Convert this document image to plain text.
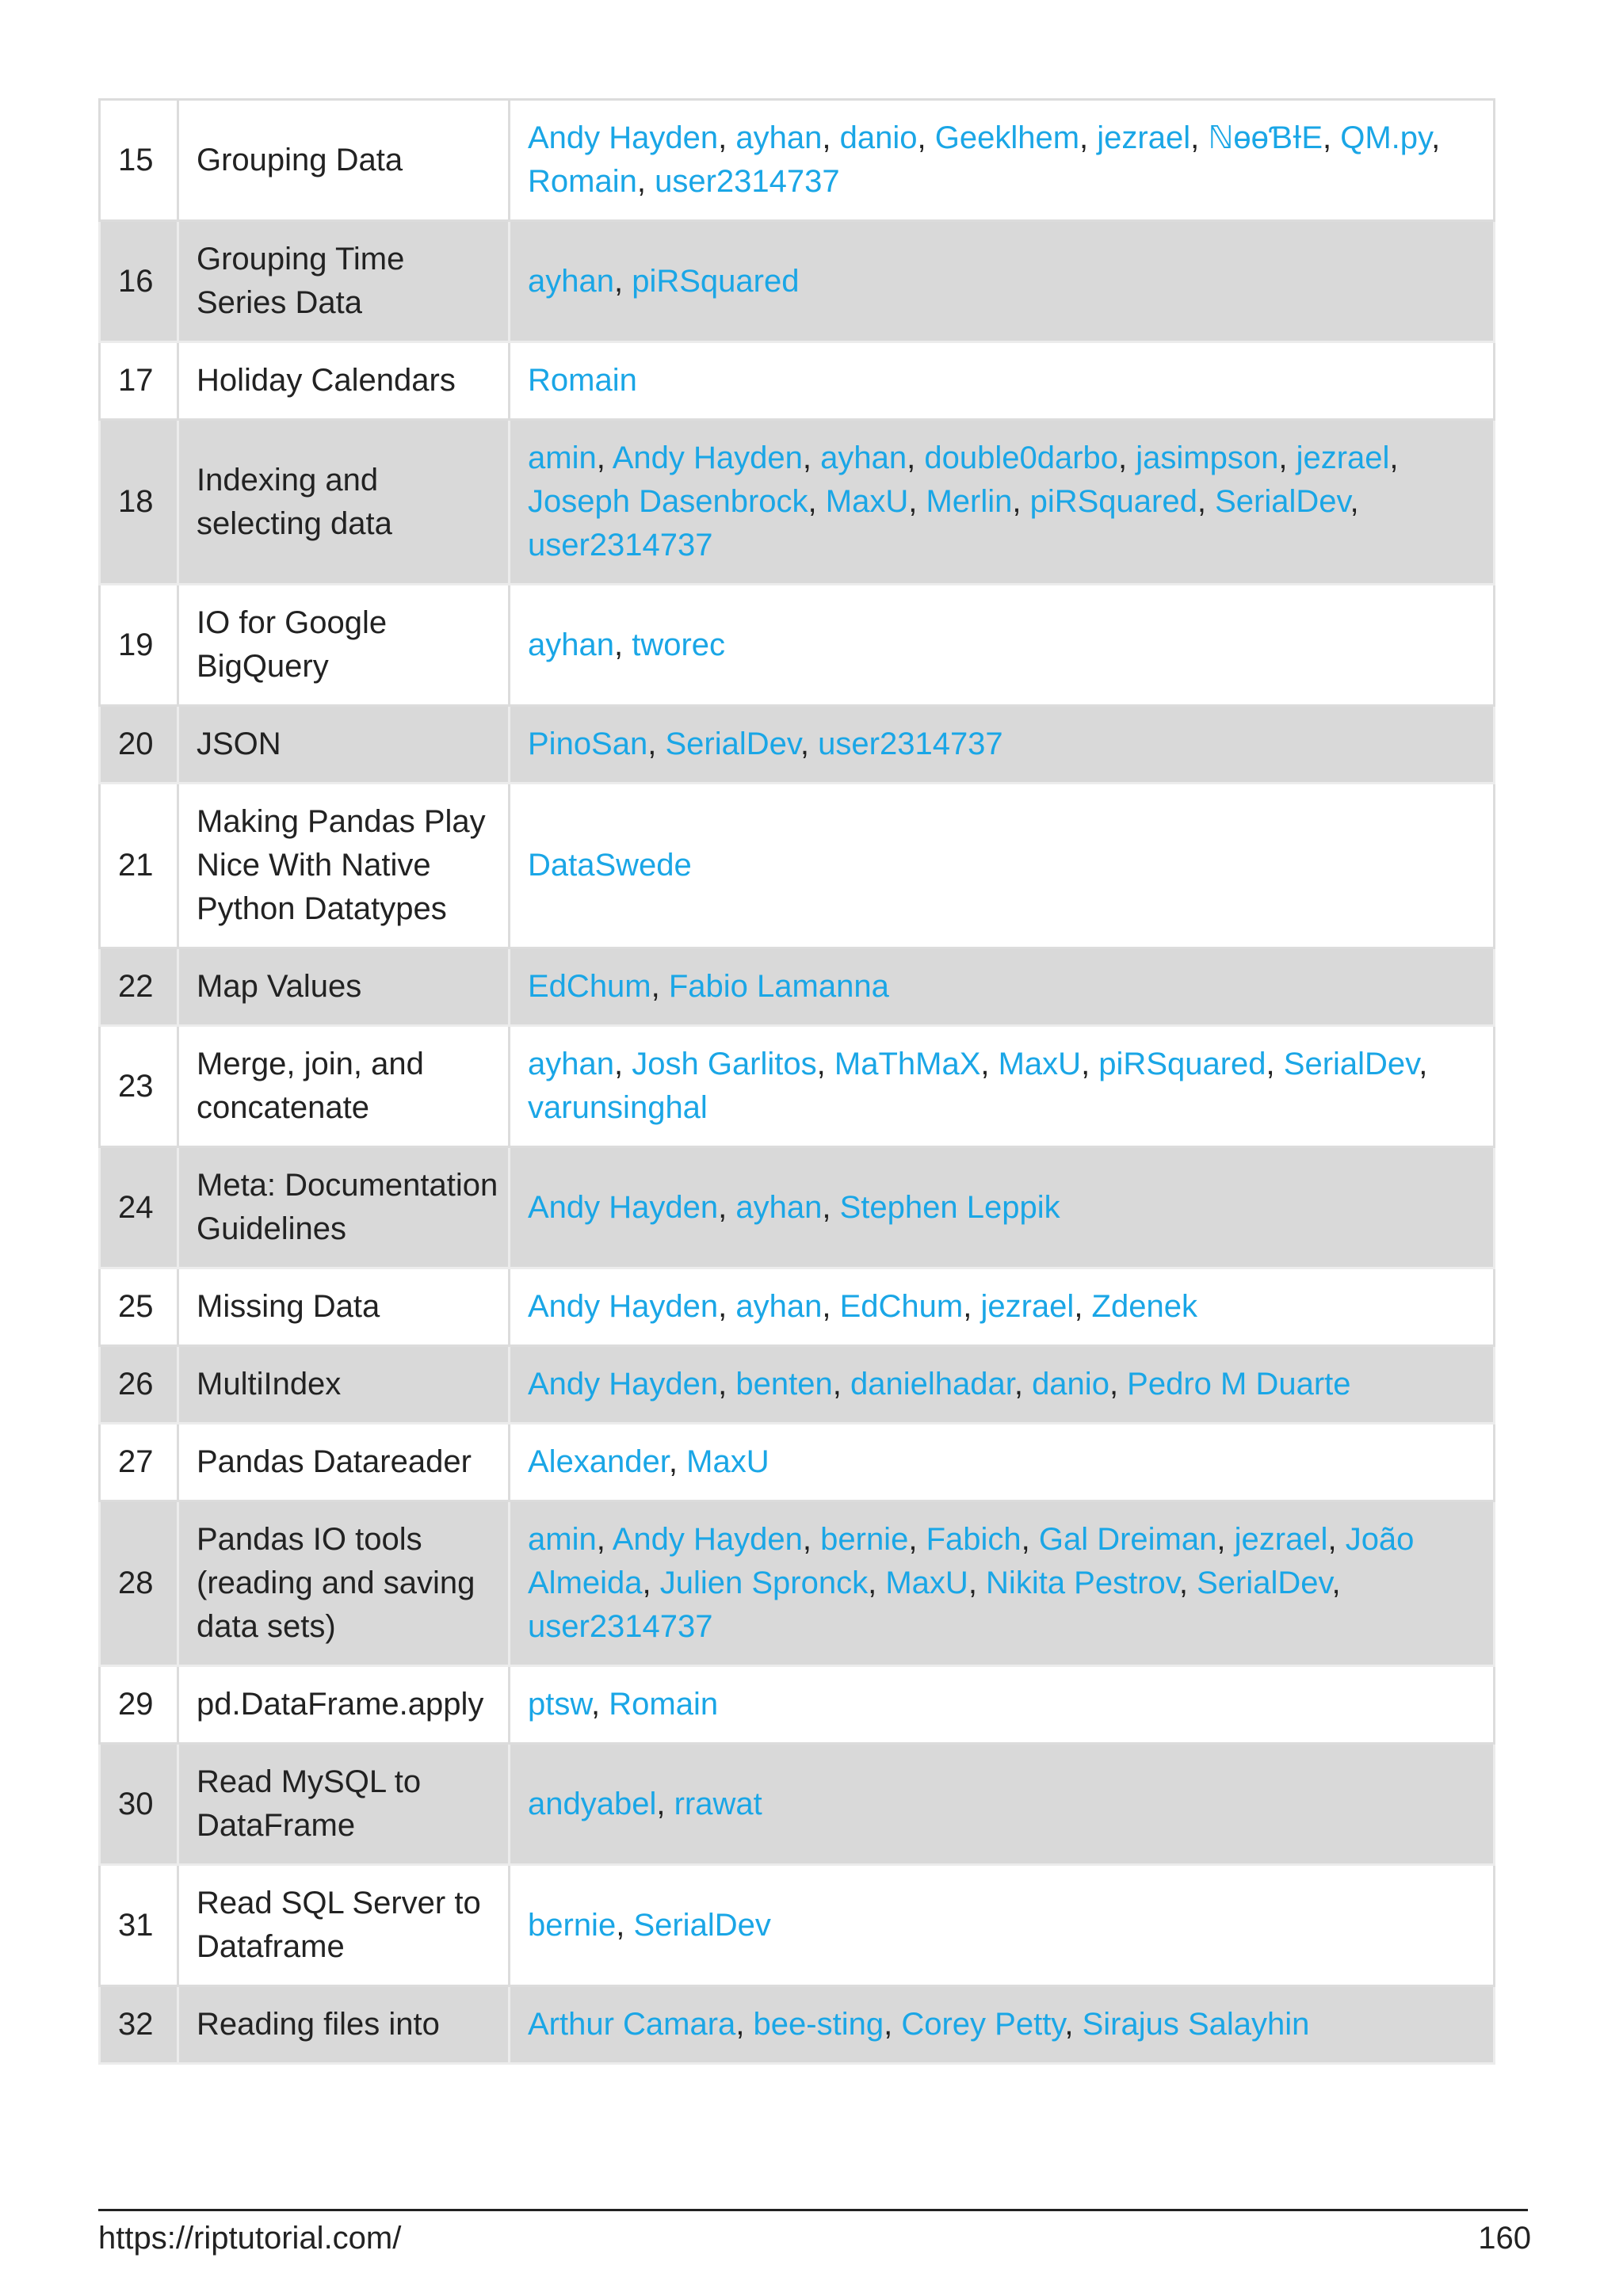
15	Grouping Data	Andy Hayden, ayhan, danio, Geeklhem, jezrael, ℕɵɵƁƗΕ, QM.py, Romain, user2314737
16	Grouping Time Series Data	ayhan, piRSquared
17	Holiday Calendars	Romain
18	Indexing and selecting data	amin, Andy Hayden, ayhan, double0darbo, jasimpson, jezrael, Joseph Dasenbrock, MaxU, Merlin, piRSquared, SerialDev, user2314737
19	IO for Google BigQuery	ayhan, tworec
20	JSON	PinoSan, SerialDev, user2314737
21	Making Pandas Play Nice With Native Python Datatypes	DataSwede
22	Map Values	EdChum, Fabio Lamanna
23	Merge, join, and concatenate	ayhan, Josh Garlitos, MaThMaX, MaxU, piRSquared, SerialDev, varunsinghal
24	Meta: Documentation Guidelines	Andy Hayden, ayhan, Stephen Leppik
25	Missing Data	Andy Hayden, ayhan, EdChum, jezrael, Zdenek
26	MultiIndex	Andy Hayden, benten, danielhadar, danio, Pedro M Duarte
27	Pandas Datareader	Alexander, MaxU
28	Pandas IO tools (reading and saving data sets)	amin, Andy Hayden, bernie, Fabich, Gal Dreiman, jezrael, João Almeida, Julien Spronck, MaxU, Nikita Pestrov, SerialDev, user2314737
29	pd.DataFrame.apply	ptsw, Romain
30	Read MySQL to DataFrame	andyabel, rrawat
31	Read SQL Server to Dataframe	bernie, SerialDev
32	Reading files into	Arthur Camara, bee-sting, Corey Petty, Sirajus Salayhin
https://riptutorial.com/	160
